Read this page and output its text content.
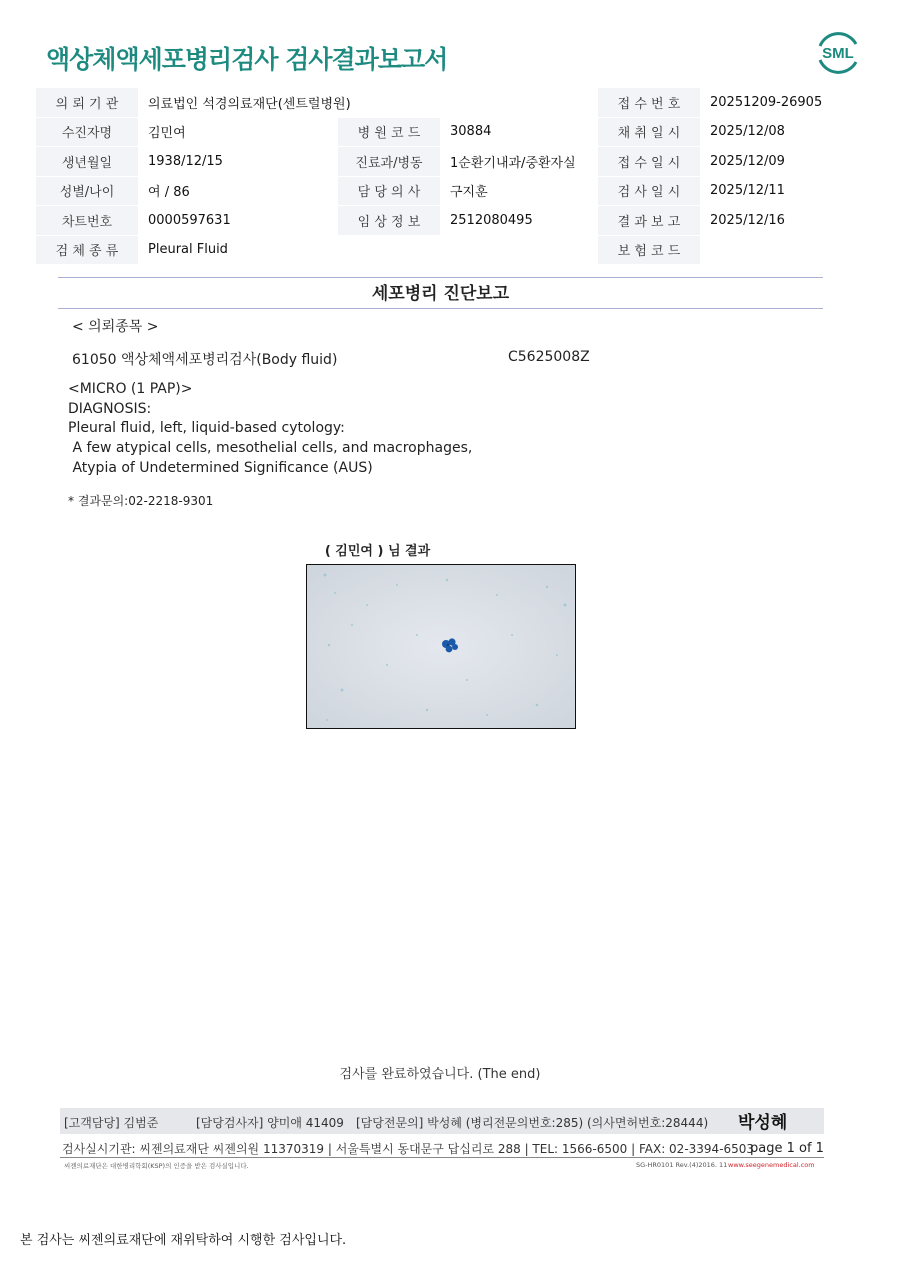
액상체액세포병리검사 검사결과보고서	SML
의 뢰 기 관	의료법인 석경의료재단(센트럴병원)			접 수 번 호	20251209-26905
수진자명	김민여	병 원 코 드	30884	채 취 일 시	2025/12/08
생년월일	1938/12/15	진료과/병동	1순환기내과/중환자실	접 수 일 시	2025/12/09
성별/나이	여 / 86	담 당 의 사	구지훈	검 사 일 시	2025/12/11
차트번호	0000597631	임 상 정 보	2512080495	결 과 보 고	2025/12/16
검 체 종 류	Pleural Fluid			보 험 코 드	
세포병리 진단보고
< 의뢰종목 >
61050 액상체액세포병리검사(Body fluid)	C5625008Z
<MICRO (1 PAP)>
DIAGNOSIS:
Pleural fluid, left, liquid-based cytology:
A few atypical cells, mesothelial cells, and macrophages,
Atypia of Undetermined Significance (AUS)
* 결과문의:02-2218-9301
( 김민여 ) 님 결과
검사를 완료하였습니다. (The end)
[고객담당] 김범준	[담당검사자] 양미애 41409 [담당전문의] 박성혜 (병리전문의번호:285) (의사면허번호:28444) 박성혜
검사실시기관: 씨젠의료재단 씨젠의원 11370319 | 서울특별시 동대문구 답십리로 288 | TEL: 1566-6500 | FAX: 02-3394-6503
page 1 of 1
씨젠의료재단은 대한병리학회(KSP)의 인증을 받은 검사실입니다.	SG-HR0101 Rev.(4)2016. 11 www.seegenemedical.com
본 검사는 씨젠의료재단에 재위탁하여 시행한 검사입니다.
